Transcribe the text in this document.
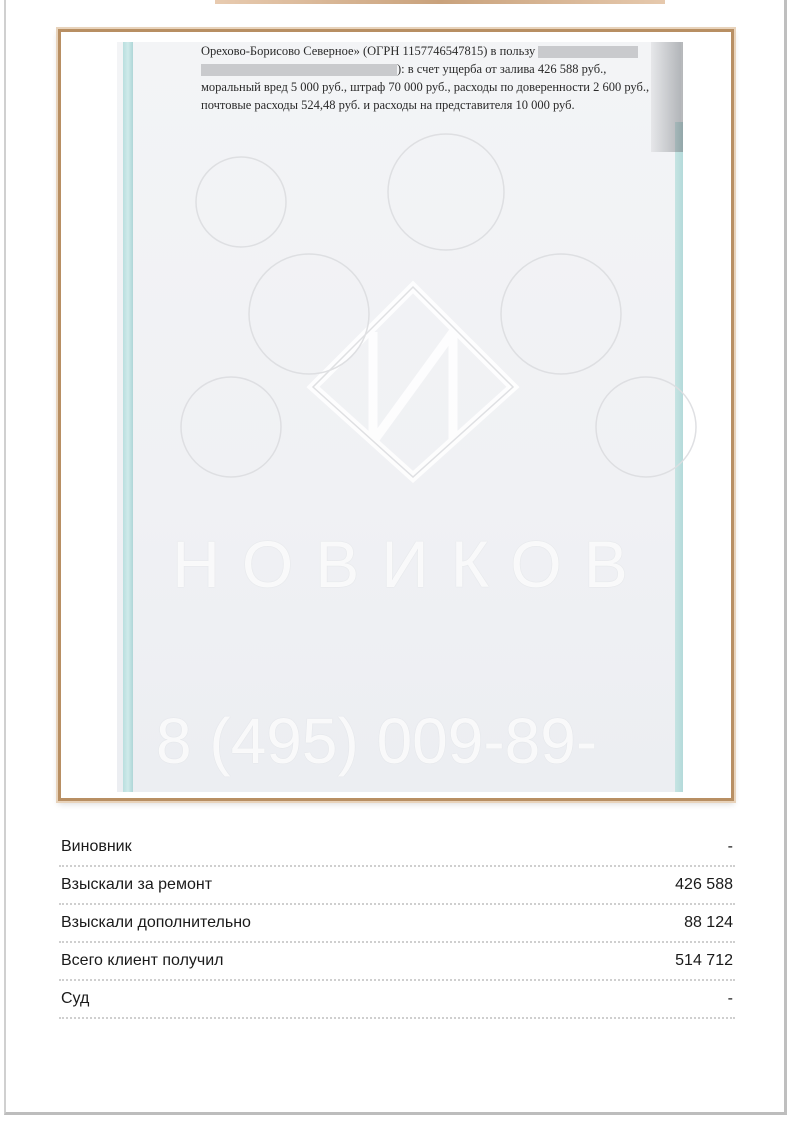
Орехово-Борисово Северное» (ОГРН 1157746547815) в пользу
): в счет ущерба от залива 426 588 руб.,
моральный вред 5 000 руб., штраф 70 000 руб., расходы по доверенности 2 600 руб.,
почтовые расходы 524,48 руб. и расходы на представителя 10 000 руб.
НОВИКОВ
8 (495) 009-89-
Виновник	-
Взыскали за ремонт	426 588
Взыскали дополнительно	88 124
Всего клиент получил	514 712
Суд	-
